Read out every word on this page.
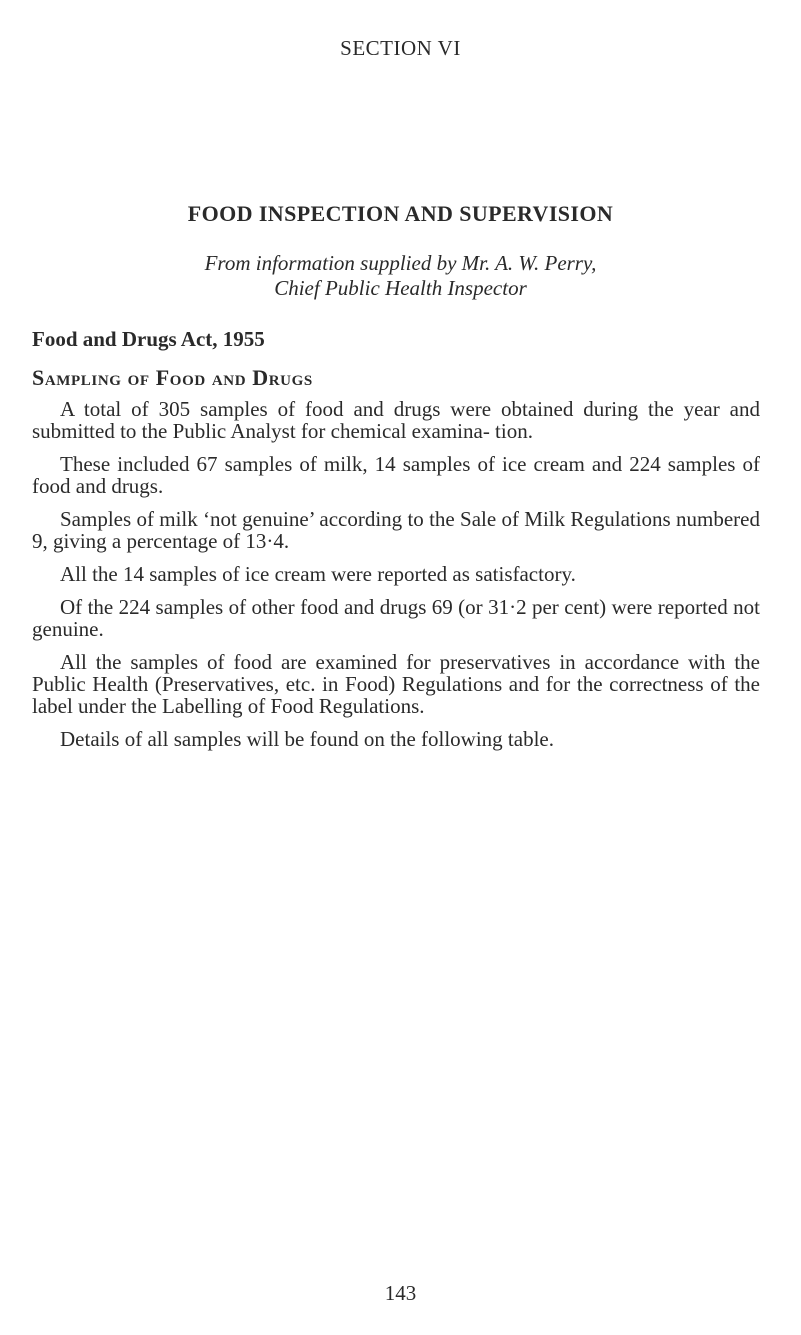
SECTION VI
FOOD INSPECTION AND SUPERVISION
From information supplied by Mr. A. W. Perry,
Chief Public Health Inspector
Food and Drugs Act, 1955
Sampling of Food and Drugs

A total of 305 samples of food and drugs were obtained during the year and submitted to the Public Analyst for chemical examina- tion.

These included 67 samples of milk, 14 samples of ice cream and 224 samples of food and drugs.

Samples of milk ‘not genuine’ according to the Sale of Milk Regulations numbered 9, giving a percentage of 13·4.

All the 14 samples of ice cream were reported as satisfactory.

Of the 224 samples of other food and drugs 69 (or 31·2 per cent) were reported not genuine.

All the samples of food are examined for preservatives in accordance with the Public Health (Preservatives, etc. in Food) Regulations and for the correctness of the label under the Labelling of Food Regulations.

Details of all samples will be found on the following table.

143
